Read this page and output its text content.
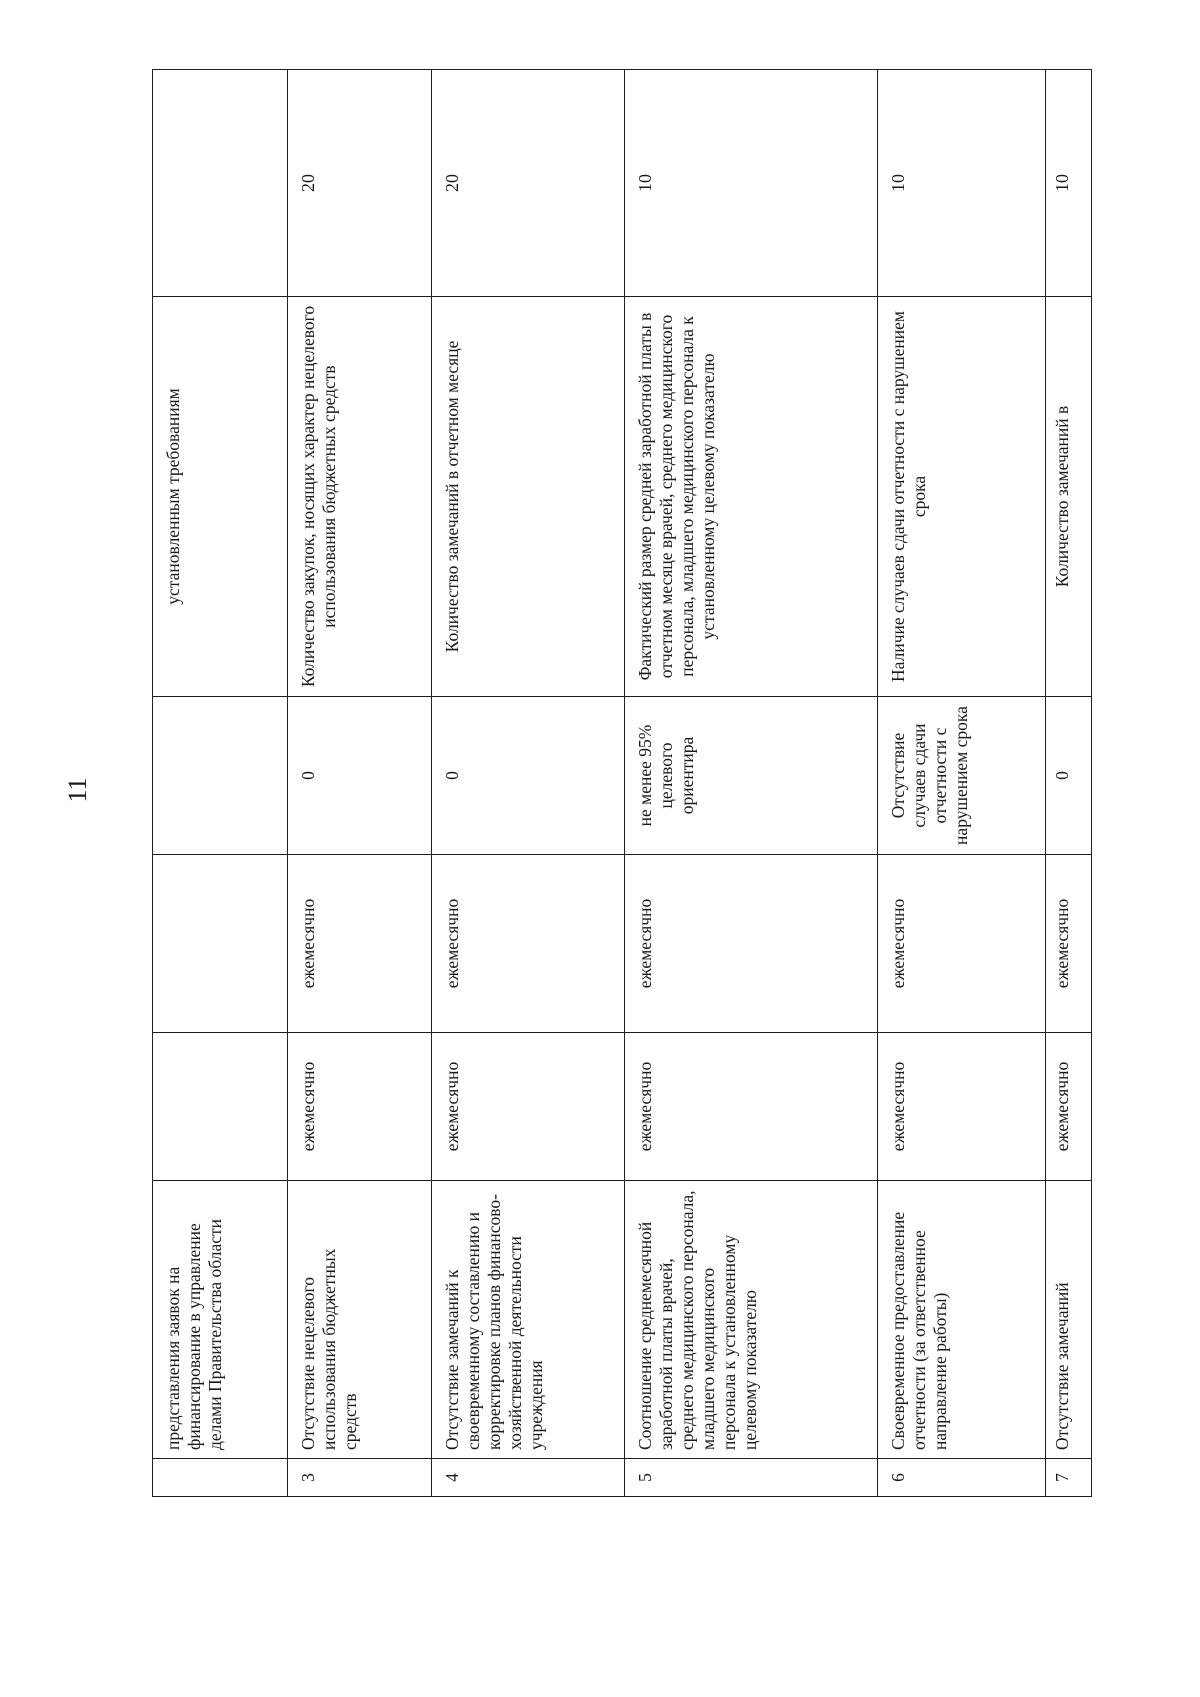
11
	представления заявок на финансирование в управление делами Правительства области				установленным требованиям	
3	Отсутствие нецелевого использования бюджетных средств	ежемесячно	ежемесячно	0	Количество закупок, носящих характер нецелевого использования бюджетных средств	20
4	Отсутствие замечаний к своевременному составлению и корректировке планов финансово-хозяйственной деятельности учреждения	ежемесячно	ежемесячно	0	Количество замечаний в отчетном месяце	20
5	Соотношение среднемесячной заработной платы врачей, среднего медицинского персонала, младшего медицинского персонала к установленному целевому показателю	ежемесячно	ежемесячно	не менее 95% целевого ориентира	Фактический размер средней заработной платы в отчетном месяце врачей, среднего медицинского персонала, младшего медицинского персонала к установленному целевому показателю	10
6	Своевременное предоставление отчетности (за ответственное направление работы)	ежемесячно	ежемесячно	Отсутствие случаев сдачи отчетности с нарушением срока	Наличие случаев сдачи отчетности с нарушением срока	10
7	Отсутствие замечаний	ежемесячно	ежемесячно	0	Количество замечаний в	10
